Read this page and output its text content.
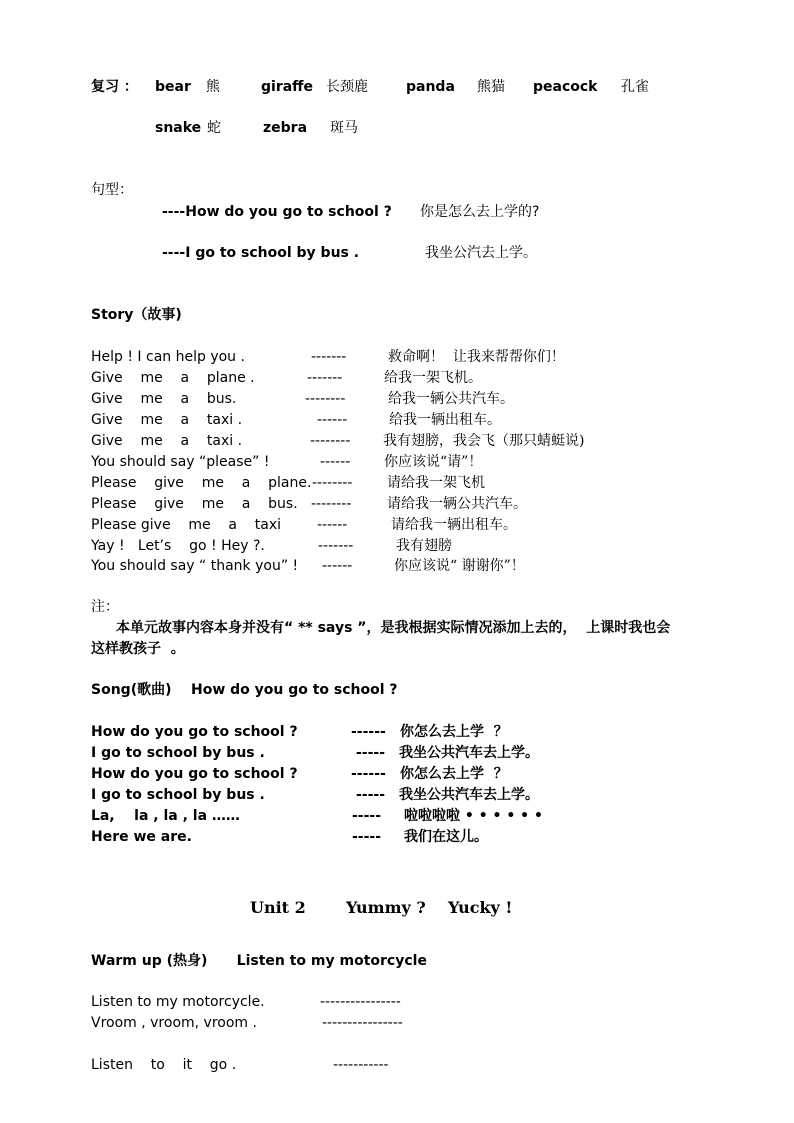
复习 ： bear 熊	giraffe 长颈鹿	panda 熊猫 peacock 孔雀
snake 蛇	zebra 斑马
句型：
----How do you go to school ? 你是怎么去上学的?
----I go to school by bus .	我坐公汽去上学。
Story（故事)
Help ! I can help you .	-------	救命啊！  让我来帮帮你们！
Give    me    a    plane .	-------	给我一架飞机。
Give    me    a    bus.	--------	给我一辆公共汽车。
Give    me    a    taxi .	------	给我一辆出租车。
Give    me    a    taxi .	-------- 我有翅膀，我会飞（那只蜻蜓说)
You should say “please” !	------ 你应该说“请”！
Please    give    me    a    plane. -------- 请给我一架飞机
Please    give    me    a    bus. --------	请给我一辆公共汽车。
Please give    me    a    taxi	------	请给我一辆出租车。
Yay !   Let’s    go ! Hey ?.	-------	我有翅膀
You should say “ thank you” ! ------	你应该说“ 谢谢你”！
注：
本单元故事内容本身并没有“ ** says ”，是我根据实际情况添加上去的，  上课时我也会
这样教孩子  。
Song(歌曲)    How do you go to school ?
How do you go to school ?	------ 你怎么去上学  ？
I go to school by bus .	----- 我坐公共汽车去上学。
How do you go to school ?	------ 你怎么去上学  ？
I go to school by bus .	----- 我坐公共汽车去上学。
La,    la , la , la ……	----- 啦啦啦啦 • • • • • •
Here we are.	----- 我们在这儿。
Unit 2	Yummy ?    Yucky !
Warm up (热身)      Listen to my motorcycle
Listen to my motorcycle.	----------------
Vroom , vroom, vroom .	----------------
Listen    to    it    go .	-----------
